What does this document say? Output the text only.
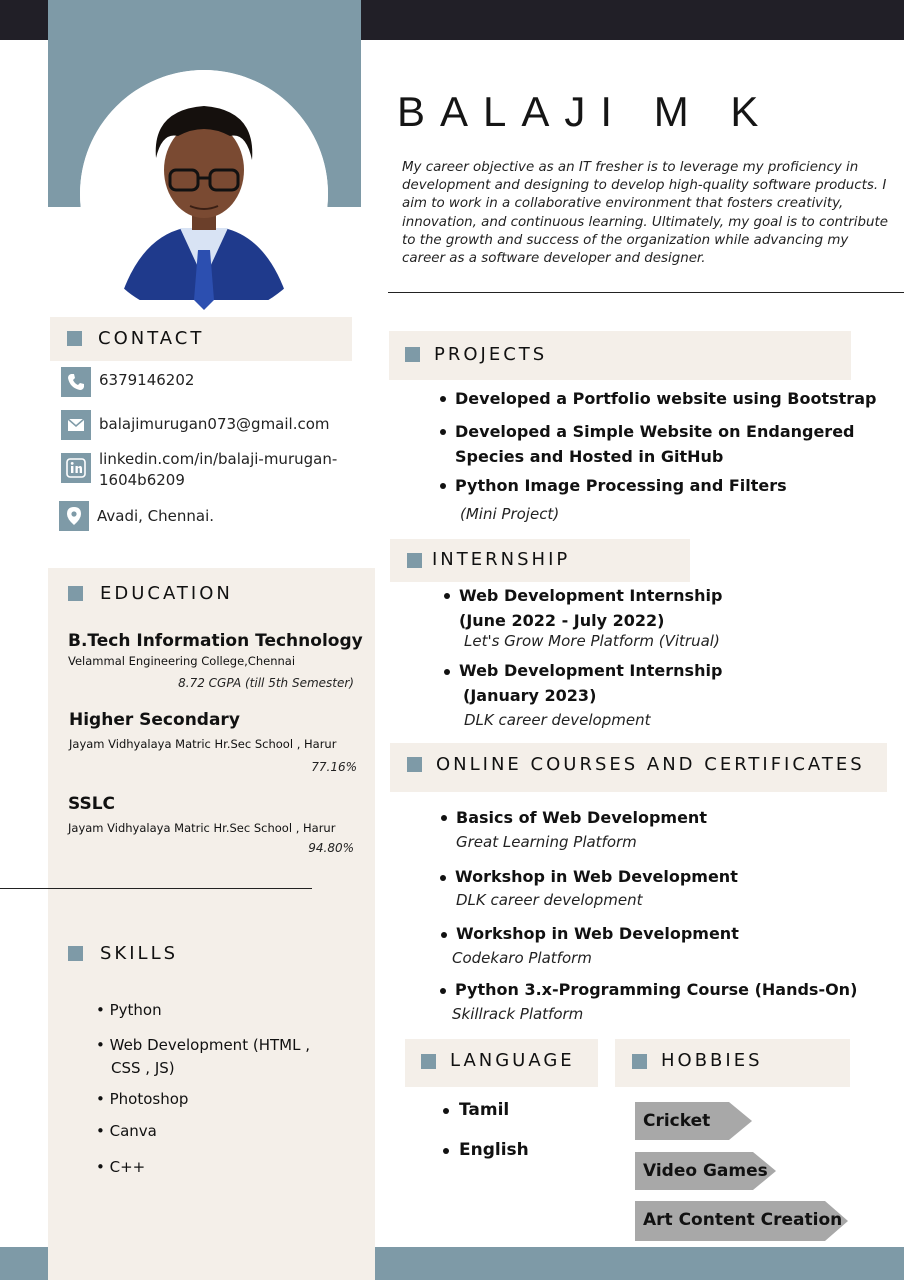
BALAJI M K
My career objective as an IT fresher is to leverage my proficiency in development and designing to develop high-quality software products. I aim to work in a collaborative environment that fosters creativity, innovation, and continuous learning. Ultimately, my goal is to contribute to the growth and success of the organization while advancing my career as a software developer and designer.
CONTACT
6379146202
balajimurugan073@gmail.com
linkedin.com/in/balaji-murugan-
1604b6209
Avadi, Chennai.
EDUCATION
B.Tech Information Technology
Velammal Engineering College,Chennai
8.72 CGPA (till 5th Semester)
Higher Secondary
Jayam Vidhyalaya Matric Hr.Sec School , Harur
77.16%
SSLC
Jayam Vidhyalaya Matric Hr.Sec School , Harur
94.80%
SKILLS
• Python
• Web Development (HTML ,
CSS , JS)
• Photoshop
• Canva
• C++
PROJECTS
Developed a Portfolio website using Bootstrap
Developed a Simple Website on Endangered
Species and Hosted in GitHub
Python Image Processing and Filters
(Mini Project)
INTERNSHIP
Web Development Internship
(June 2022 - July 2022)
Let's Grow More Platform (Vitrual)
Web Development Internship
(January 2023)
DLK career development
ONLINE COURSES AND CERTIFICATES
Basics of Web Development
Great Learning Platform
Workshop in Web Development
DLK career development
Workshop in Web Development
Codekaro Platform
Python 3.x-Programming Course (Hands-On)
Skillrack Platform
LANGUAGE
Tamil
English
HOBBIES
Cricket
Video Games
Art Content Creation
